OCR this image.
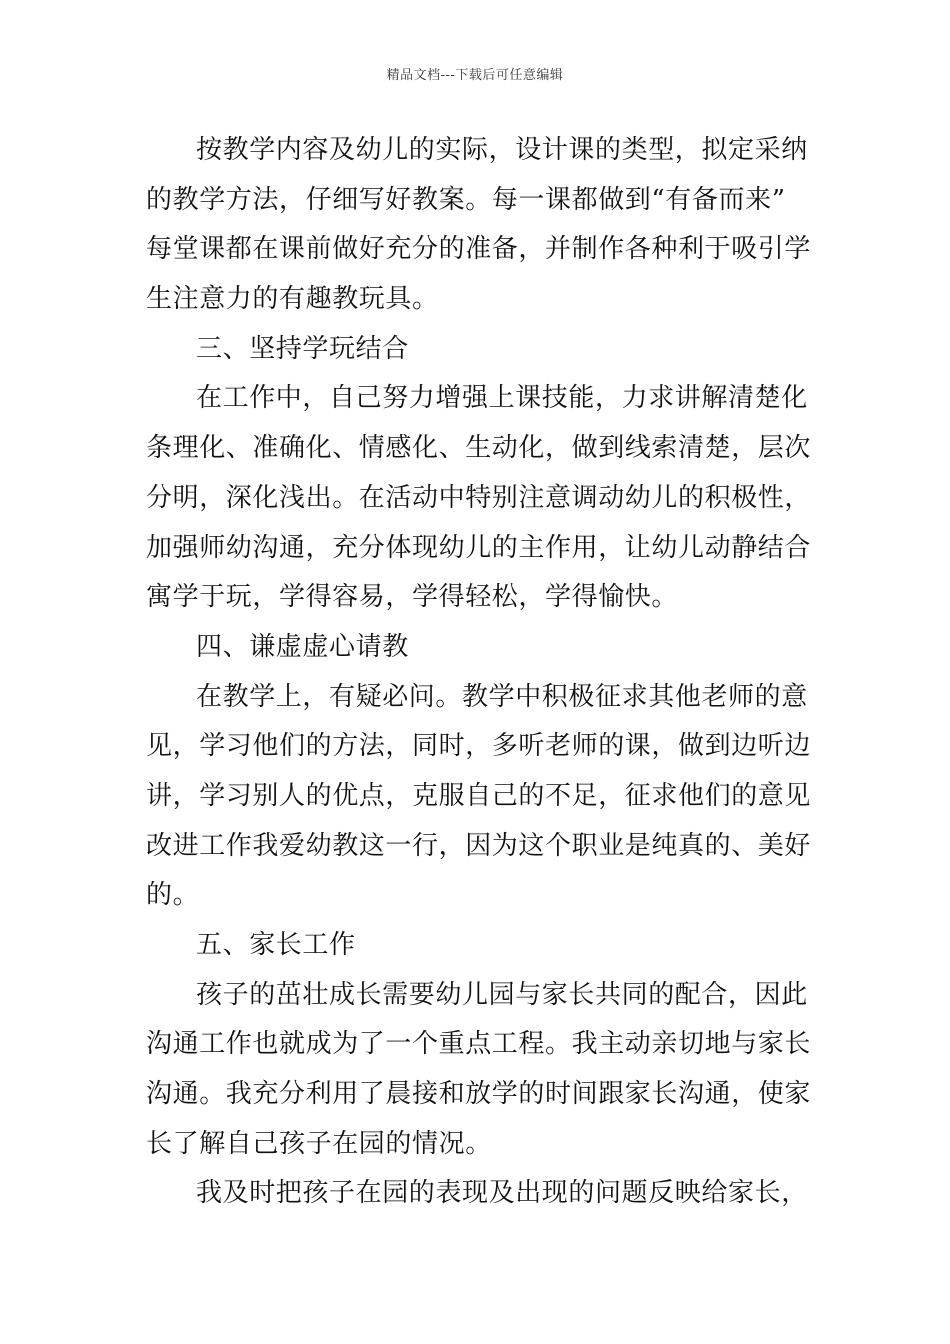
精品文档---下载后可任意编辑
按教学内容及幼儿的实际，设计课的类型，拟定采纳
的教学方法，仔细写好教案。每一课都做到“有备而来”
每堂课都在课前做好充分的准备，并制作各种利于吸引学
生注意力的有趣教玩具。
三、坚持学玩结合
在工作中，自己努力增强上课技能，力求讲解清楚化
条理化、准确化、情感化、生动化，做到线索清楚，层次
分明，深化浅出。在活动中特别注意调动幼儿的积极性，
加强师幼沟通，充分体现幼儿的主作用，让幼儿动静结合
寓学于玩，学得容易，学得轻松，学得愉快。
四、谦虚虚心请教
在教学上，有疑必问。教学中积极征求其他老师的意
见，学习他们的方法，同时，多听老师的课，做到边听边
讲，学习别人的优点，克服自己的不足，征求他们的意见
改进工作我爱幼教这一行，因为这个职业是纯真的、美好
的。
五、家长工作
孩子的茁壮成长需要幼儿园与家长共同的配合，因此
沟通工作也就成为了一个重点工程。我主动亲切地与家长
沟通。我充分利用了晨接和放学的时间跟家长沟通，使家
长了解自己孩子在园的情况。
我及时把孩子在园的表现及出现的问题反映给家长，
